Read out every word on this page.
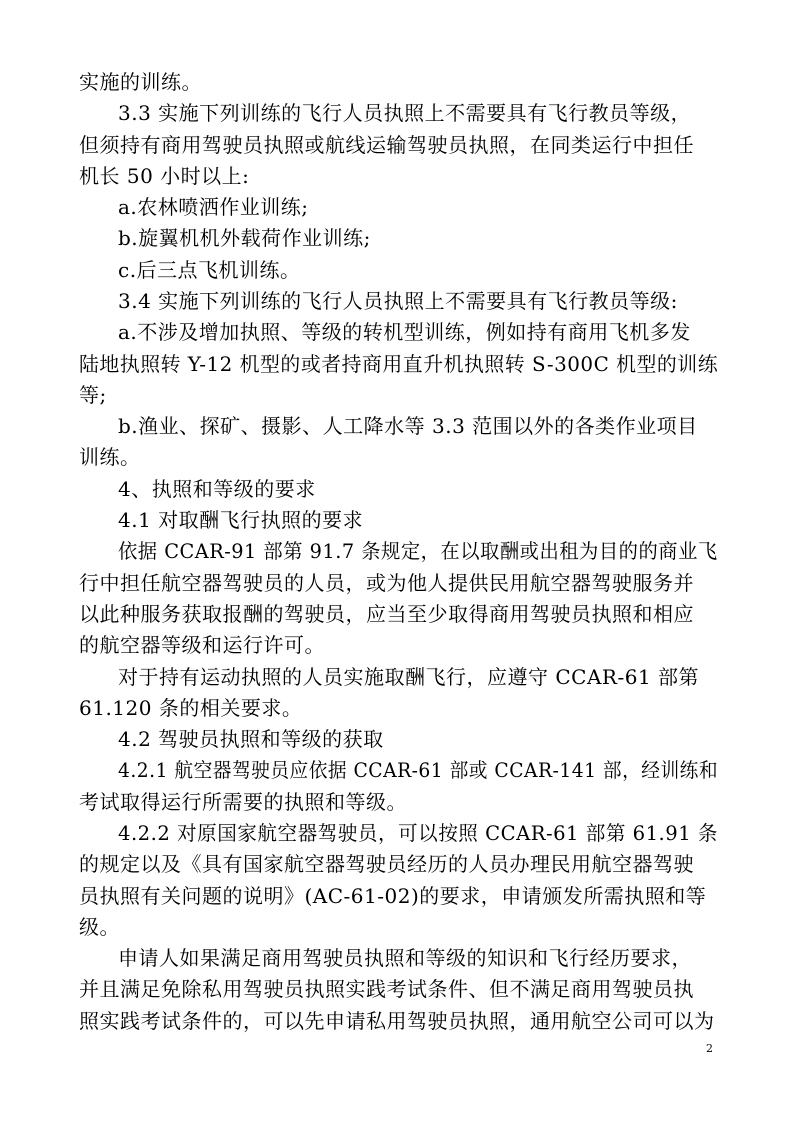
实施的训练。
3.3 实施下列训练的飞行人员执照上不需要具有飞行教员等级，
但须持有商用驾驶员执照或航线运输驾驶员执照，在同类运行中担任
机长 50 小时以上:
a.农林喷洒作业训练;
b.旋翼机机外载荷作业训练;
c.后三点飞机训练。
3.4 实施下列训练的飞行人员执照上不需要具有飞行教员等级:
a.不涉及增加执照、等级的转机型训练，例如持有商用飞机多发
陆地执照转 Y-12 机型的或者持商用直升机执照转 S-300C 机型的训练
等;
b.渔业、探矿、摄影、人工降水等 3.3 范围以外的各类作业项目
训练。
4、执照和等级的要求
4.1 对取酬飞行执照的要求
依据 CCAR-91 部第 91.7 条规定，在以取酬或出租为目的的商业飞
行中担任航空器驾驶员的人员，或为他人提供民用航空器驾驶服务并
以此种服务获取报酬的驾驶员，应当至少取得商用驾驶员执照和相应
的航空器等级和运行许可。
对于持有运动执照的人员实施取酬飞行，应遵守 CCAR-61 部第
61.120 条的相关要求。
4.2 驾驶员执照和等级的获取
4.2.1 航空器驾驶员应依据 CCAR-61 部或 CCAR-141 部，经训练和
考试取得运行所需要的执照和等级。
4.2.2 对原国家航空器驾驶员，可以按照 CCAR-61 部第 61.91 条
的规定以及《具有国家航空器驾驶员经历的人员办理民用航空器驾驶
员执照有关问题的说明》(AC-61-02)的要求，申请颁发所需执照和等
级。
申请人如果满足商用驾驶员执照和等级的知识和飞行经历要求，
并且满足免除私用驾驶员执照实践考试条件、但不满足商用驾驶员执
照实践考试条件的，可以先申请私用驾驶员执照，通用航空公司可以为
2
